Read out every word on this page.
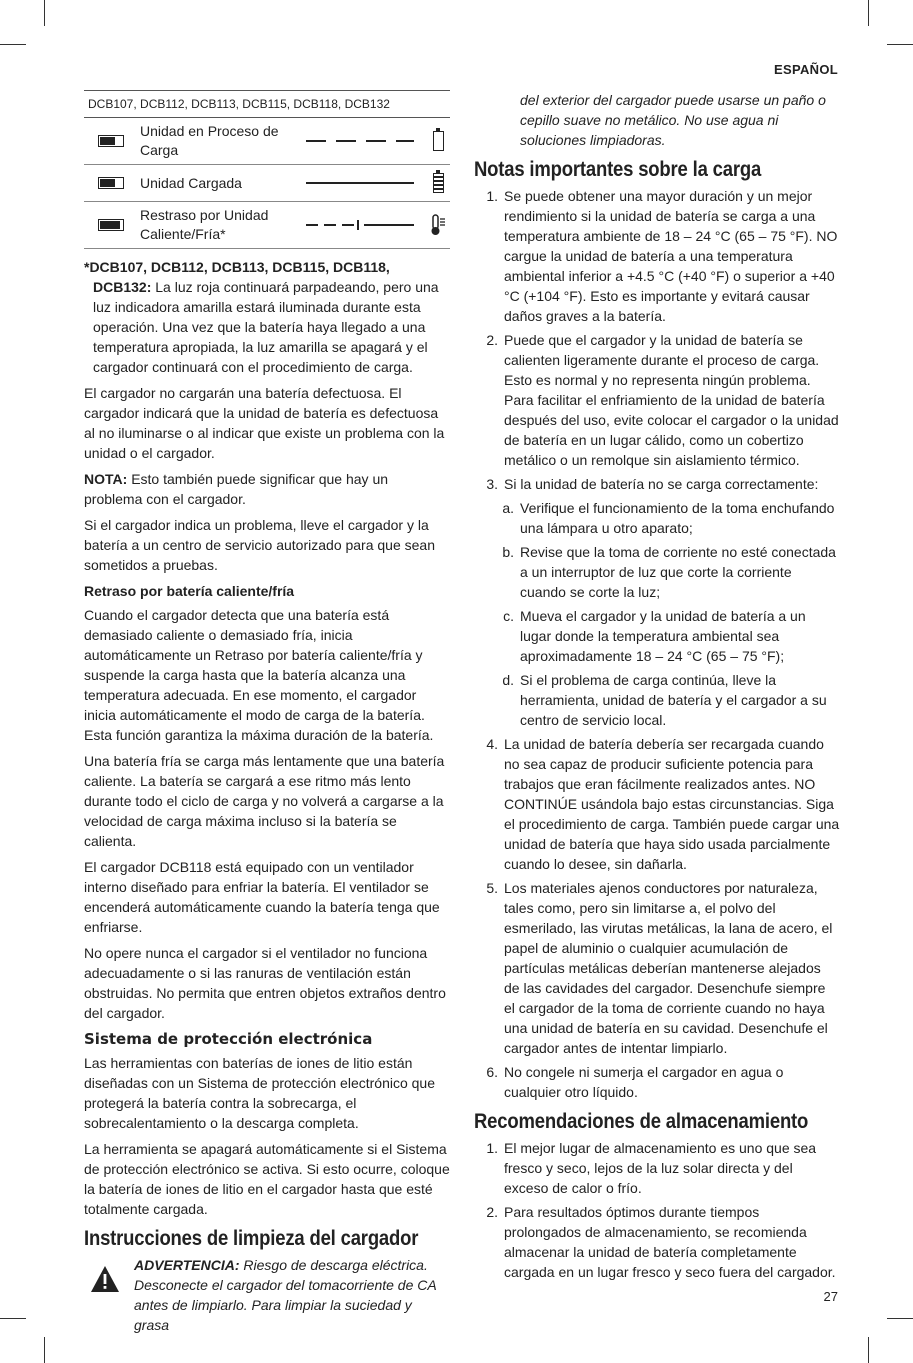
ESPAÑOL
27
DCB107, DCB112, DCB113, DCB115, DCB118, DCB132
Unidad en Proceso de Carga
Unidad Cargada
Restraso por Unidad Caliente/Fría*

*DCB107, DCB112, DCB113, DCB115, DCB118, DCB132: La luz roja continuará parpadeando, pero una luz indicadora amarilla estará iluminada durante esta operación. Una vez que la batería haya llegado a una temperatura apropiada, la luz amarilla se apagará y el cargador continuará con el procedimiento de carga.

El cargador no cargarán una batería defectuosa. El cargador indicará que la unidad de batería es defectuosa al no iluminarse o al indicar que existe un problema con la unidad o el cargador.

NOTA: Esto también puede significar que hay un problema con el cargador.

Si el cargador indica un problema, lleve el cargador y la batería a un centro de servicio autorizado para que sean sometidos a pruebas.

Retraso por batería caliente/fría

Cuando el cargador detecta que una batería está demasiado caliente o demasiado fría, inicia automáticamente un Retraso por batería caliente/fría y suspende la carga hasta que la batería alcanza una temperatura adecuada. En ese momento, el cargador inicia automáticamente el modo de carga de la batería. Esta función garantiza la máxima duración de la batería.

Una batería fría se carga más lentamente que una batería caliente. La batería se cargará a ese ritmo más lento durante todo el ciclo de carga y no volverá a cargarse a la velocidad de carga máxima incluso si la batería se calienta.

El cargador DCB118 está equipado con un ventilador interno diseñado para enfriar la batería. El ventilador se encenderá automáticamente cuando la batería tenga que enfriarse.

No opere nunca el cargador si el ventilador no funciona adecuadamente o si las ranuras de ventilación están obstruidas. No permita que entren objetos extraños dentro del cargador.

Sistema de protección electrónica

Las herramientas con baterías de iones de litio están diseñadas con un Sistema de protección electrónico que protegerá la batería contra la sobrecarga, el sobrecalentamiento o la descarga completa.

La herramienta se apagará automáticamente si el Sistema de protección electrónico se activa. Si esto ocurre, coloque la batería de iones de litio en el cargador hasta que esté totalmente cargada.

Instrucciones de limpieza del cargador
ADVERTENCIA: Riesgo de descarga eléctrica. Desconecte el cargador del tomacorriente de CA antes de limpiarlo. Para limpiar la suciedad y grasa

del exterior del cargador puede usarse un paño o cepillo suave no metálico. No use agua ni soluciones limpiadoras.

Notas importantes sobre la carga
1. Se puede obtener una mayor duración y un mejor rendimiento si la unidad de batería se carga a una temperatura ambiente de 18 – 24 °C (65 – 75 °F). NO cargue la unidad de batería a una temperatura ambiental inferior a +4.5 °C (+40 °F) o superior a +40 °C (+104 °F). Esto es importante y evitará causar daños graves a la batería.
2. Puede que el cargador y la unidad de batería se calienten ligeramente durante el proceso de carga. Esto es normal y no representa ningún problema. Para facilitar el enfriamiento de la unidad de batería después del uso, evite colocar el cargador o la unidad de batería en un lugar cálido, como un cobertizo metálico o un remolque sin aislamiento térmico.
3. Si la unidad de batería no se carga correctamente:
a. Verifique el funcionamiento de la toma enchufando una lámpara u otro aparato;
b. Revise que la toma de corriente no esté conectada a un interruptor de luz que corte la corriente cuando se corte la luz;
c. Mueva el cargador y la unidad de batería a un lugar donde la temperatura ambiental sea aproximadamente 18 – 24 °C (65 – 75 °F);
d. Si el problema de carga continúa, lleve la herramienta, unidad de batería y el cargador a su centro de servicio local.
4. La unidad de batería debería ser recargada cuando no sea capaz de producir suficiente potencia para trabajos que eran fácilmente realizados antes. NO CONTINÚE usándola bajo estas circunstancias. Siga el procedimiento de carga. También puede cargar una unidad de batería que haya sido usada parcialmente cuando lo desee, sin dañarla.
5. Los materiales ajenos conductores por naturaleza, tales como, pero sin limitarse a, el polvo del esmerilado, las virutas metálicas, la lana de acero, el papel de aluminio o cualquier acumulación de partículas metálicas deberían mantenerse alejados de las cavidades del cargador. Desenchufe siempre el cargador de la toma de corriente cuando no haya una unidad de batería en su cavidad. Desenchufe el cargador antes de intentar limpiarlo.
6. No congele ni sumerja el cargador en agua o cualquier otro líquido.
Recomendaciones de almacenamiento
1. El mejor lugar de almacenamiento es uno que sea fresco y seco, lejos de la luz solar directa y del exceso de calor o frío.
2. Para resultados óptimos durante tiempos prolongados de almacenamiento, se recomienda almacenar la unidad de batería completamente cargada en un lugar fresco y seco fuera del cargador.
